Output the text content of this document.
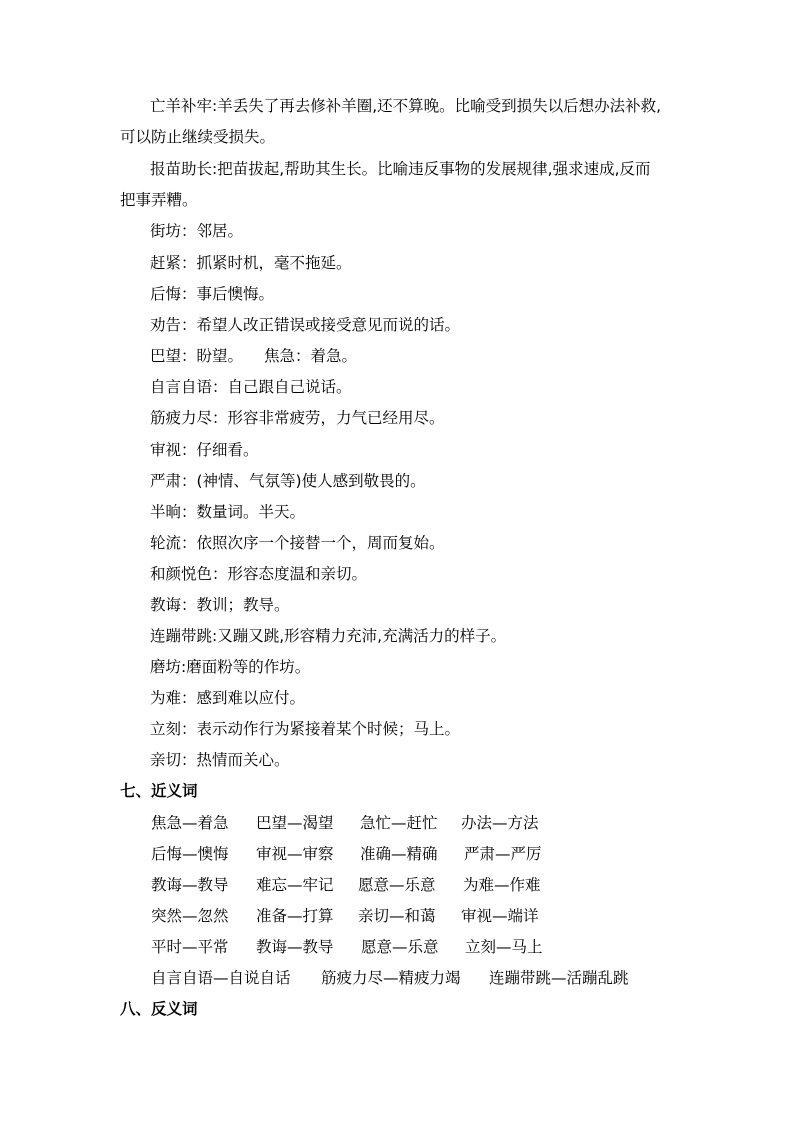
亡羊补牢:羊丢失了再去修补羊圈,还不算晚。比喻受到损失以后想办法补救,
可以防止继续受损失。
报苗助长:把苗拔起,帮助其生长。比喻违反事物的发展规律,强求速成,反而
把事弄糟。
街坊：邻居。
赶紧：抓紧时机，毫不拖延。
后悔：事后懊悔。
劝告：希望人改正错误或接受意见而说的话。
巴望：盼望。 焦急：着急。
自言自语：自己跟自己说话。
筋疲力尽：形容非常疲劳，力气已经用尽。
审视：仔细看。
严肃：(神情、气氛等)使人感到敬畏的。
半晌：数量词。半天。
轮流：依照次序一个接替一个，周而复始。
和颜悦色：形容态度温和亲切。
教诲：教训；教导。
连蹦带跳:又蹦又跳,形容精力充沛,充满活力的样子。
磨坊:磨面粉等的作坊。
为难：感到难以应付。
立刻：表示动作行为紧接着某个时候；马上。
亲切：热情而关心。
七、近义词
焦急—着急 巴望—渴望 急忙—赶忙 办法—方法
后悔—懊悔 审视—审察 准确—精确 严肃—严厉
教诲—教导 难忘—牢记 愿意—乐意 为难—作难
突然—忽然 准备—打算 亲切—和蔼 审视—端详
平时—平常 教诲—教导 愿意—乐意 立刻—马上
自言自语—自说自话 筋疲力尽—精疲力竭 连蹦带跳—活蹦乱跳
八、反义词
